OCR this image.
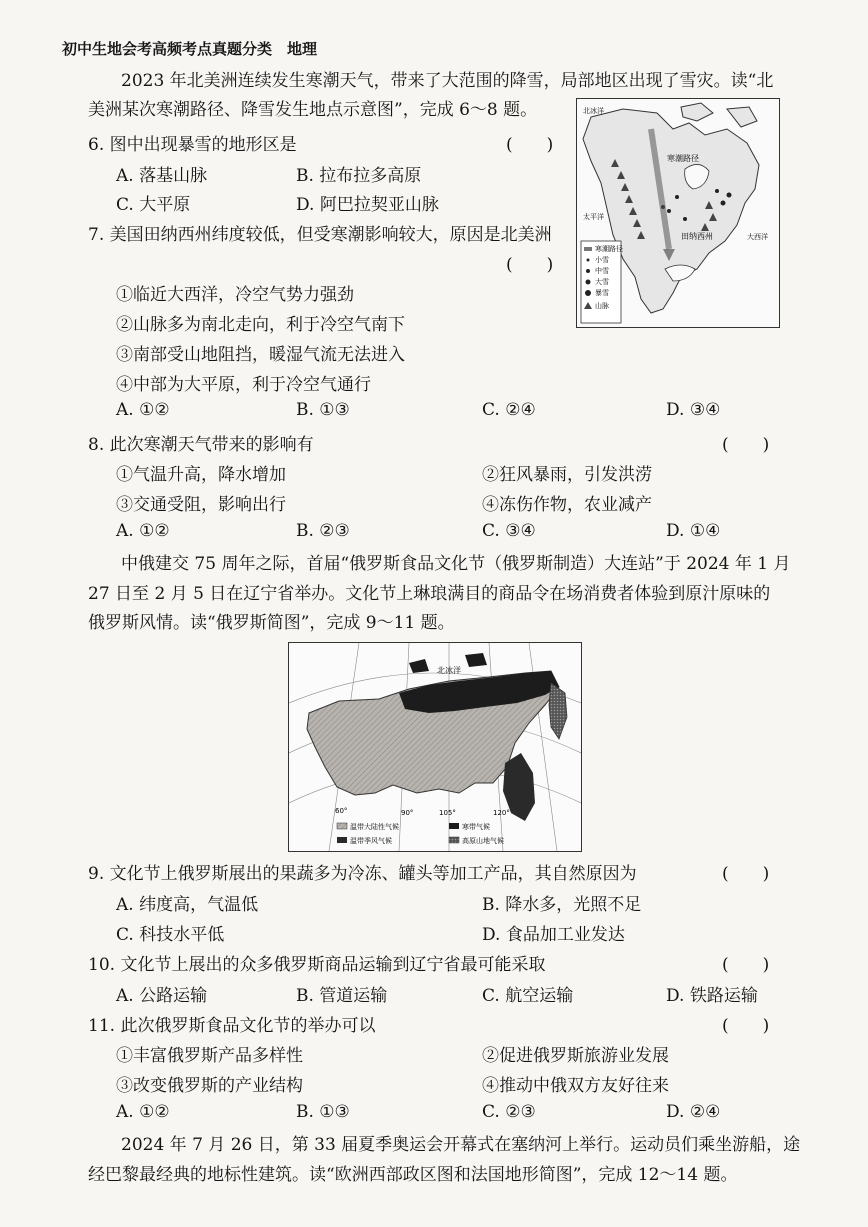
初中生地会考高频考点真题分类　地理
2023 年北美洲连续发生寒潮天气，带来了大范围的降雪，局部地区出现了雪灾。读“北
美洲某次寒潮路径、降雪发生地点示意图”，完成 6～8 题。
6. 图中出现暴雪的地形区是	(　　)
A. 落基山脉	B. 拉布拉多高原
C. 大平原	D. 阿巴拉契亚山脉
7. 美国田纳西州纬度较低，但受寒潮影响较大，原因是北美洲
(　　)
①临近大西洋，冷空气势力强劲
②山脉多为南北走向，利于冷空气南下
③南部受山地阻挡，暖湿气流无法进入
④中部为大平原，利于冷空气通行
A. ①②	B. ①③	C. ②④	D. ③④
北冰洋
寒潮路径
田纳西州	大西洋
太平洋
寒潮路径
小雪
中雪
大雪
暴雪
山脉
8. 此次寒潮天气带来的影响有	(　　)
①气温升高，降水增加	②狂风暴雨，引发洪涝
③交通受阻，影响出行	④冻伤作物，农业减产
A. ①②	B. ②③	C. ③④	D. ①④
中俄建交 75 周年之际，首届“俄罗斯食品文化节（俄罗斯制造）大连站”于 2024 年 1 月
27 日至 2 月 5 日在辽宁省举办。文化节上琳琅满目的商品令在场消费者体验到原汁原味的
俄罗斯风情。读“俄罗斯简图”，完成 9～11 题。
北冰洋
60°	90°	105°	120°
温带大陆性气候	寒带气候
温带季风气候	高原山地气候
9. 文化节上俄罗斯展出的果蔬多为冷冻、罐头等加工产品，其自然原因为	(　　)
A. 纬度高，气温低	B. 降水多，光照不足
C. 科技水平低	D. 食品加工业发达
10. 文化节上展出的众多俄罗斯商品运输到辽宁省最可能采取	(　　)
A. 公路运输	B. 管道运输	C. 航空运输	D. 铁路运输
11. 此次俄罗斯食品文化节的举办可以	(　　)
①丰富俄罗斯产品多样性	②促进俄罗斯旅游业发展
③改变俄罗斯的产业结构	④推动中俄双方友好往来
A. ①②	B. ①③	C. ②③	D. ②④
2024 年 7 月 26 日，第 33 届夏季奥运会开幕式在塞纳河上举行。运动员们乘坐游船，途
经巴黎最经典的地标性建筑。读“欧洲西部政区图和法国地形简图”，完成 12～14 题。
